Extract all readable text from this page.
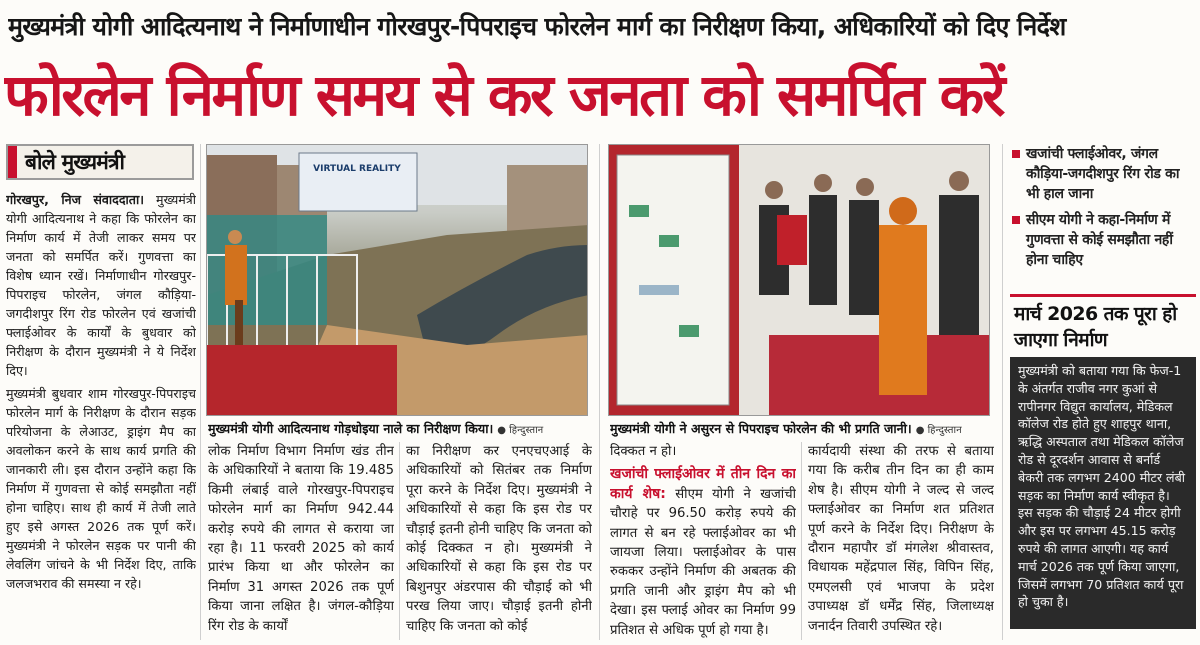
मुख्यमंत्री योगी आदित्यनाथ ने निर्माणाधीन गोरखपुर-पिपराइच फोरलेन मार्ग का निरीक्षण किया, अधिकारियों को दिए निर्देश
फोरलेन निर्माण समय से कर जनता को समर्पित करें
बोले मुख्यमंत्री

गोरखपुर, निज संवाददाता। मुख्यमंत्री योगी आदित्यनाथ ने कहा कि फोरलेन का निर्माण कार्य में तेजी लाकर समय पर जनता को समर्पित करें। गुणवत्ता का विशेष ध्यान रखें। निर्माणाधीन गोरखपुर-पिपराइच फोरलेन, जंगल कौड़िया-जगदीशपुर रिंग रोड फोरलेन एवं खजांची फ्लाईओवर के कार्यों के बुधवार को निरीक्षण के दौरान मुख्यमंत्री ने ये निर्देश दिए।

मुख्यमंत्री बुधवार शाम गोरखपुर-पिपराइच फोरलेन मार्ग के निरीक्षण के दौरान सड़क परियोजना के लेआउट, ड्राइंग मैप का अवलोकन करने के साथ कार्य प्रगति की जानकारी ली। इस दौरान उन्होंने कहा कि निर्माण में गुणवत्ता से कोई समझौता नहीं होना चाहिए। साथ ही कार्य में तेजी लाते हुए इसे अगस्त 2026 तक पूर्ण करें। मुख्यमंत्री ने फोरलेन सड़क पर पानी की लेवलिंग जांचने के भी निर्देश दिए, ताकि जलजभराव की समस्या न रहे।

VIRTUAL REALITY
मुख्यमंत्री योगी आदित्यनाथ गोड़धोइया नाले का निरीक्षण किया। ● हिन्दुस्तान	मुख्यमंत्री योगी ने असुरन से पिपराइच फोरलेन की भी प्रगति जानी। ● हिन्दुस्तान
लोक निर्माण विभाग निर्माण खंड तीन के अधिकारियों ने बताया कि 19.485 किमी लंबाई वाले गोरखपुर-पिपराइच फोरलेन मार्ग का निर्माण 942.44 करोड़ रुपये की लागत से कराया जा रहा है। 11 फरवरी 2025 को कार्य प्रारंभ किया था और फोरलेन का निर्माण 31 अगस्त 2026 तक पूर्ण किया जाना लक्षित है। जंगल-कौड़िया रिंग रोड के कार्यों
का निरीक्षण कर एनएचएआई के अधिकारियों को सितंबर तक निर्माण पूरा करने के निर्देश दिए। मुख्यमंत्री ने अधिकारियों से कहा कि इस रोड पर चौड़ाई इतनी होनी चाहिए कि जनता को कोई दिक्कत न हो। मुख्यमंत्री ने अधिकारियों से कहा कि इस रोड पर बिशुनपुर अंडरपास की चौड़ाई को भी परख लिया जाए। चौड़ाई इतनी होनी चाहिए कि जनता को कोई

दिक्कत न हो।

खजांची फ्लाईओवर में तीन दिन का कार्य शेष: सीएम योगी ने खजांची चौराहे पर 96.50 करोड़ रुपये की लागत से बन रहे फ्लाईओवर का भी जायजा लिया। फ्लाईओवर के पास रुककर उन्होंने निर्माण की अबतक की प्रगति जानी और ड्राइंग मैप को भी देखा। इस फ्लाई ओवर का निर्माण 99 प्रतिशत से अधिक पूर्ण हो गया है।

कार्यदायी संस्था की तरफ से बताया गया कि करीब तीन दिन का ही काम शेष है। सीएम योगी ने जल्द से जल्द फ्लाईओवर का निर्माण शत प्रतिशत पूर्ण करने के निर्देश दिए। निरीक्षण के दौरान महापौर डॉ मंगलेश श्रीवास्तव, विधायक महेंद्रपाल सिंह, विपिन सिंह, एमएलसी एवं भाजपा के प्रदेश उपाध्यक्ष डॉ धर्मेंद्र सिंह, जिलाध्यक्ष जनार्दन तिवारी उपस्थित रहे।
खजांची फ्लाईओवर, जंगल कौड़िया-जगदीशपुर रिंग रोड का भी हाल जाना
सीएम योगी ने कहा-निर्माण में गुणवत्ता से कोई समझौता नहीं होना चाहिए
मार्च 2026 तक पूरा हो जाएगा निर्माण
मुख्यमंत्री को बताया गया कि फेज-1 के अंतर्गत राजीव नगर कुआं से रापीनगर विद्युत कार्यालय, मेडिकल कॉलेज रोड होते हुए शाहपुर थाना, ऋद्धि अस्पताल तथा मेडिकल कॉलेज रोड से दूरदर्शन आवास से बर्नार्ड बेकरी तक लगभग 2400 मीटर लंबी सड़क का निर्माण कार्य स्वीकृत है। इस सड़क की चौड़ाई 24 मीटर होगी और इस पर लगभग 45.15 करोड़ रुपये की लागत आएगी। यह कार्य मार्च 2026 तक पूर्ण किया जाएगा, जिसमें लगभग 70 प्रतिशत कार्य पूरा हो चुका है।
